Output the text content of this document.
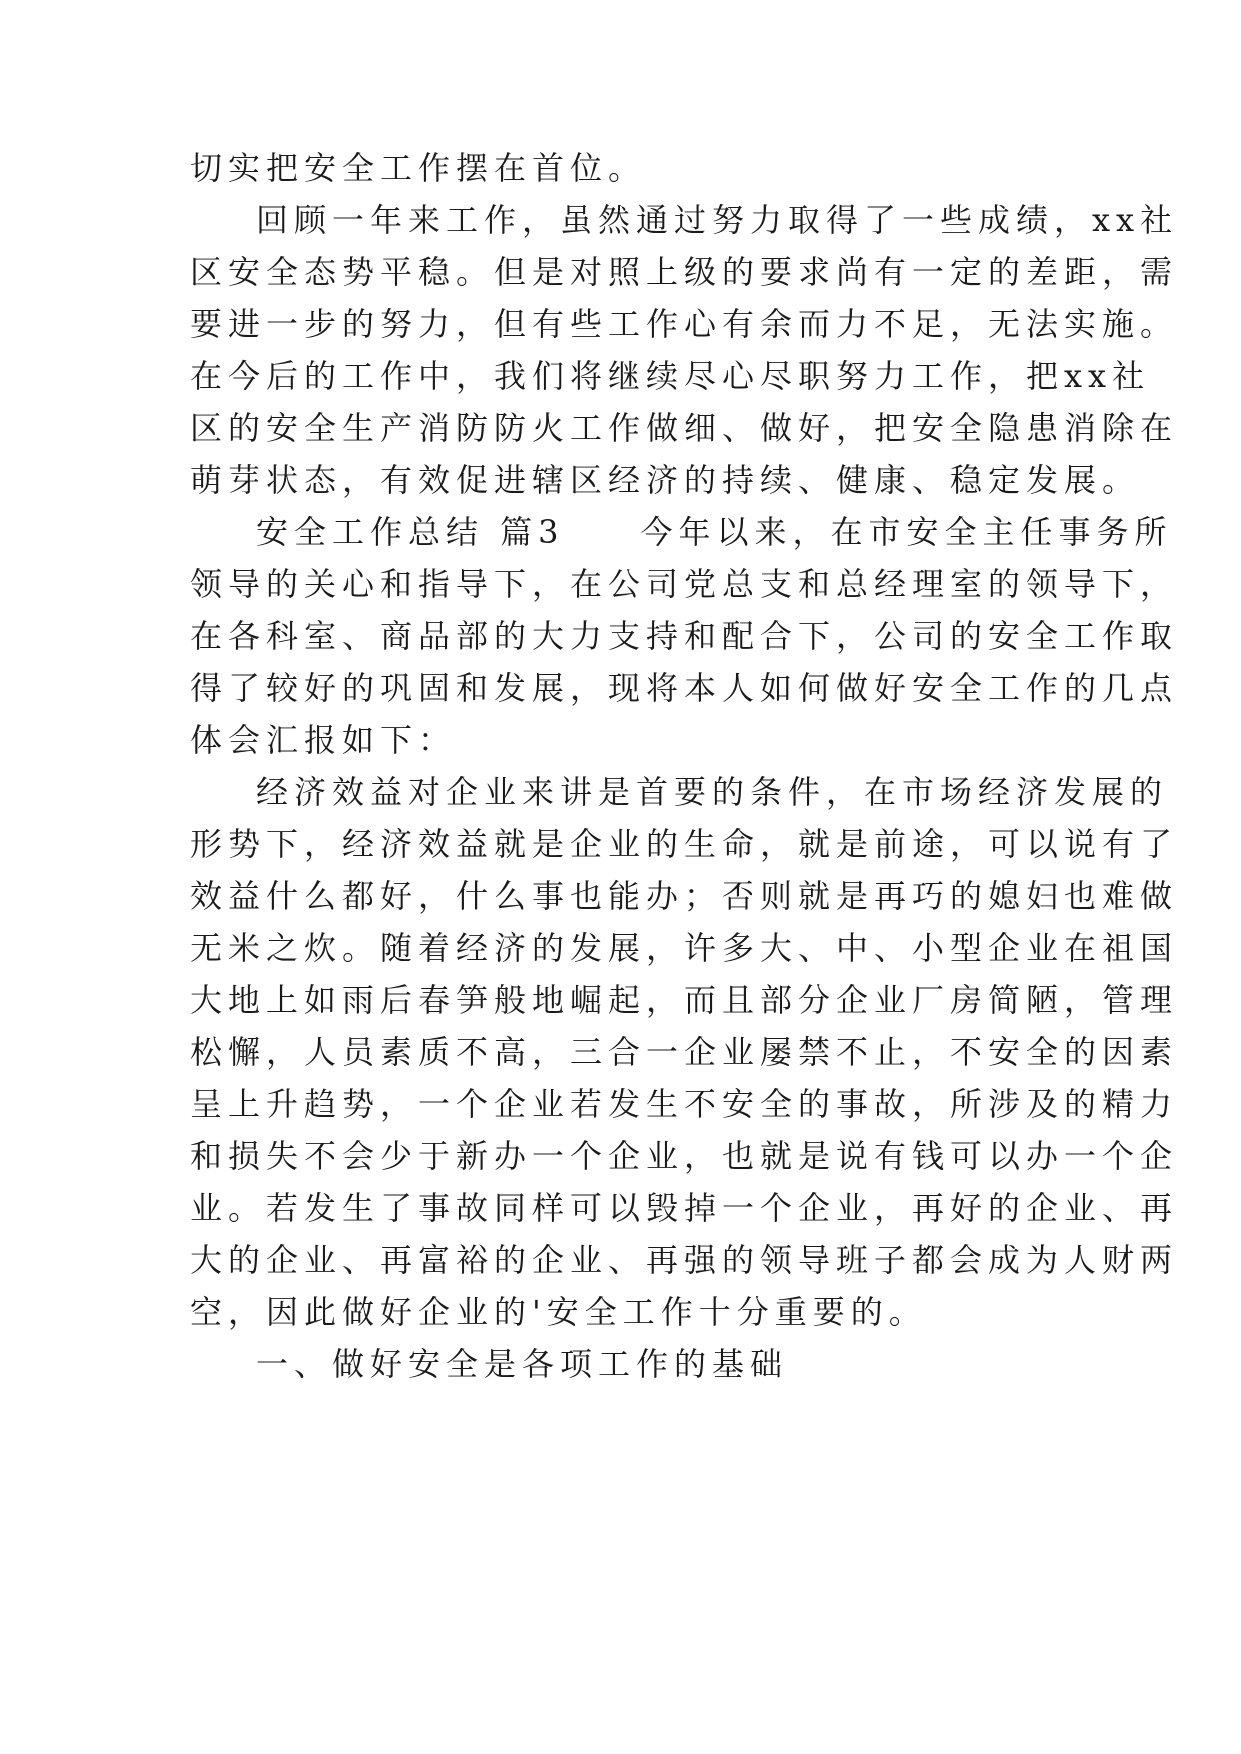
切实把安全工作摆在首位。
回顾一年来工作，虽然通过努力取得了一些成绩，xx社
区安全态势平稳。但是对照上级的要求尚有一定的差距，需
要进一步的努力，但有些工作心有余而力不足，无法实施。
在今后的工作中，我们将继续尽心尽职努力工作，把xx社
区的安全生产消防防火工作做细、做好，把安全隐患消除在
萌芽状态，有效促进辖区经济的持续、健康、稳定发展。
安全工作总结 篇3　　今年以来，在市安全主任事务所
领导的关心和指导下，在公司党总支和总经理室的领导下，
在各科室、商品部的大力支持和配合下，公司的安全工作取
得了较好的巩固和发展，现将本人如何做好安全工作的几点
体会汇报如下：
经济效益对企业来讲是首要的条件，在市场经济发展的
形势下，经济效益就是企业的生命，就是前途，可以说有了
效益什么都好，什么事也能办；否则就是再巧的媳妇也难做
无米之炊。随着经济的发展，许多大、中、小型企业在祖国
大地上如雨后春笋般地崛起，而且部分企业厂房简陋，管理
松懈，人员素质不高，三合一企业屡禁不止，不安全的因素
呈上升趋势，一个企业若发生不安全的事故，所涉及的精力
和损失不会少于新办一个企业，也就是说有钱可以办一个企
业。若发生了事故同样可以毁掉一个企业，再好的企业、再
大的企业、再富裕的企业、再强的领导班子都会成为人财两
空，因此做好企业的'安全工作十分重要的。
一、做好安全是各项工作的基础
